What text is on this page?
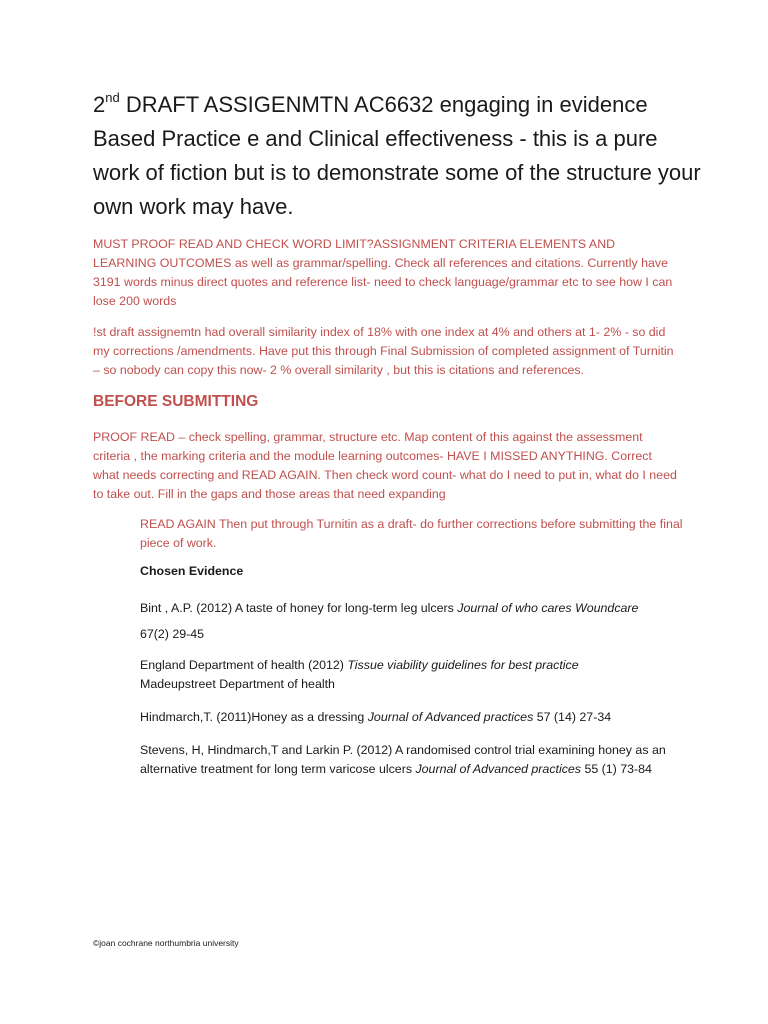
2nd DRAFT ASSIGENMTN AC6632 engaging in evidence Based Practice e and Clinical effectiveness - this is a pure work of fiction but is to demonstrate some of the structure your own work may have.

MUST PROOF READ AND CHECK WORD LIMIT?ASSIGNMENT CRITERIA ELEMENTS AND LEARNING OUTCOMES as well as grammar/spelling. Check all references and citations. Currently have 3191 words minus direct quotes and reference list- need to check language/grammar etc to see how I can lose 200 words

!st draft assignemtn had overall similarity index of 18% with one index at 4% and others at 1- 2% - so did my corrections /amendments. Have put this through Final Submission of completed assignment of Turnitin – so nobody can copy this now- 2 % overall similarity , but this is citations and references.

BEFORE SUBMITTING

PROOF READ – check spelling, grammar, structure etc. Map content of this against the assessment criteria , the marking criteria and the module learning outcomes- HAVE I MISSED ANYTHING. Correct what needs correcting and READ AGAIN. Then check word count- what do I need to put in, what do I need to take out. Fill in the gaps and those areas that need expanding

READ AGAIN Then put through Turnitin as a draft- do further corrections before submitting the final piece of work.

Chosen Evidence

Bint , A.P. (2012) A taste of honey for long-term leg ulcers Journal of who cares Woundcare
67(2) 29-45

England Department of health (2012) Tissue viability guidelines for best practice
Madeupstreet Department of health

Hindmarch,T. (2011)Honey as a dressing Journal of Advanced practices 57 (14) 27-34

Stevens, H, Hindmarch,T and Larkin P. (2012) A randomised control trial examining honey as an alternative treatment for long term varicose ulcers Journal of Advanced practices 55 (1) 73-84

©joan cochrane northumbria university
